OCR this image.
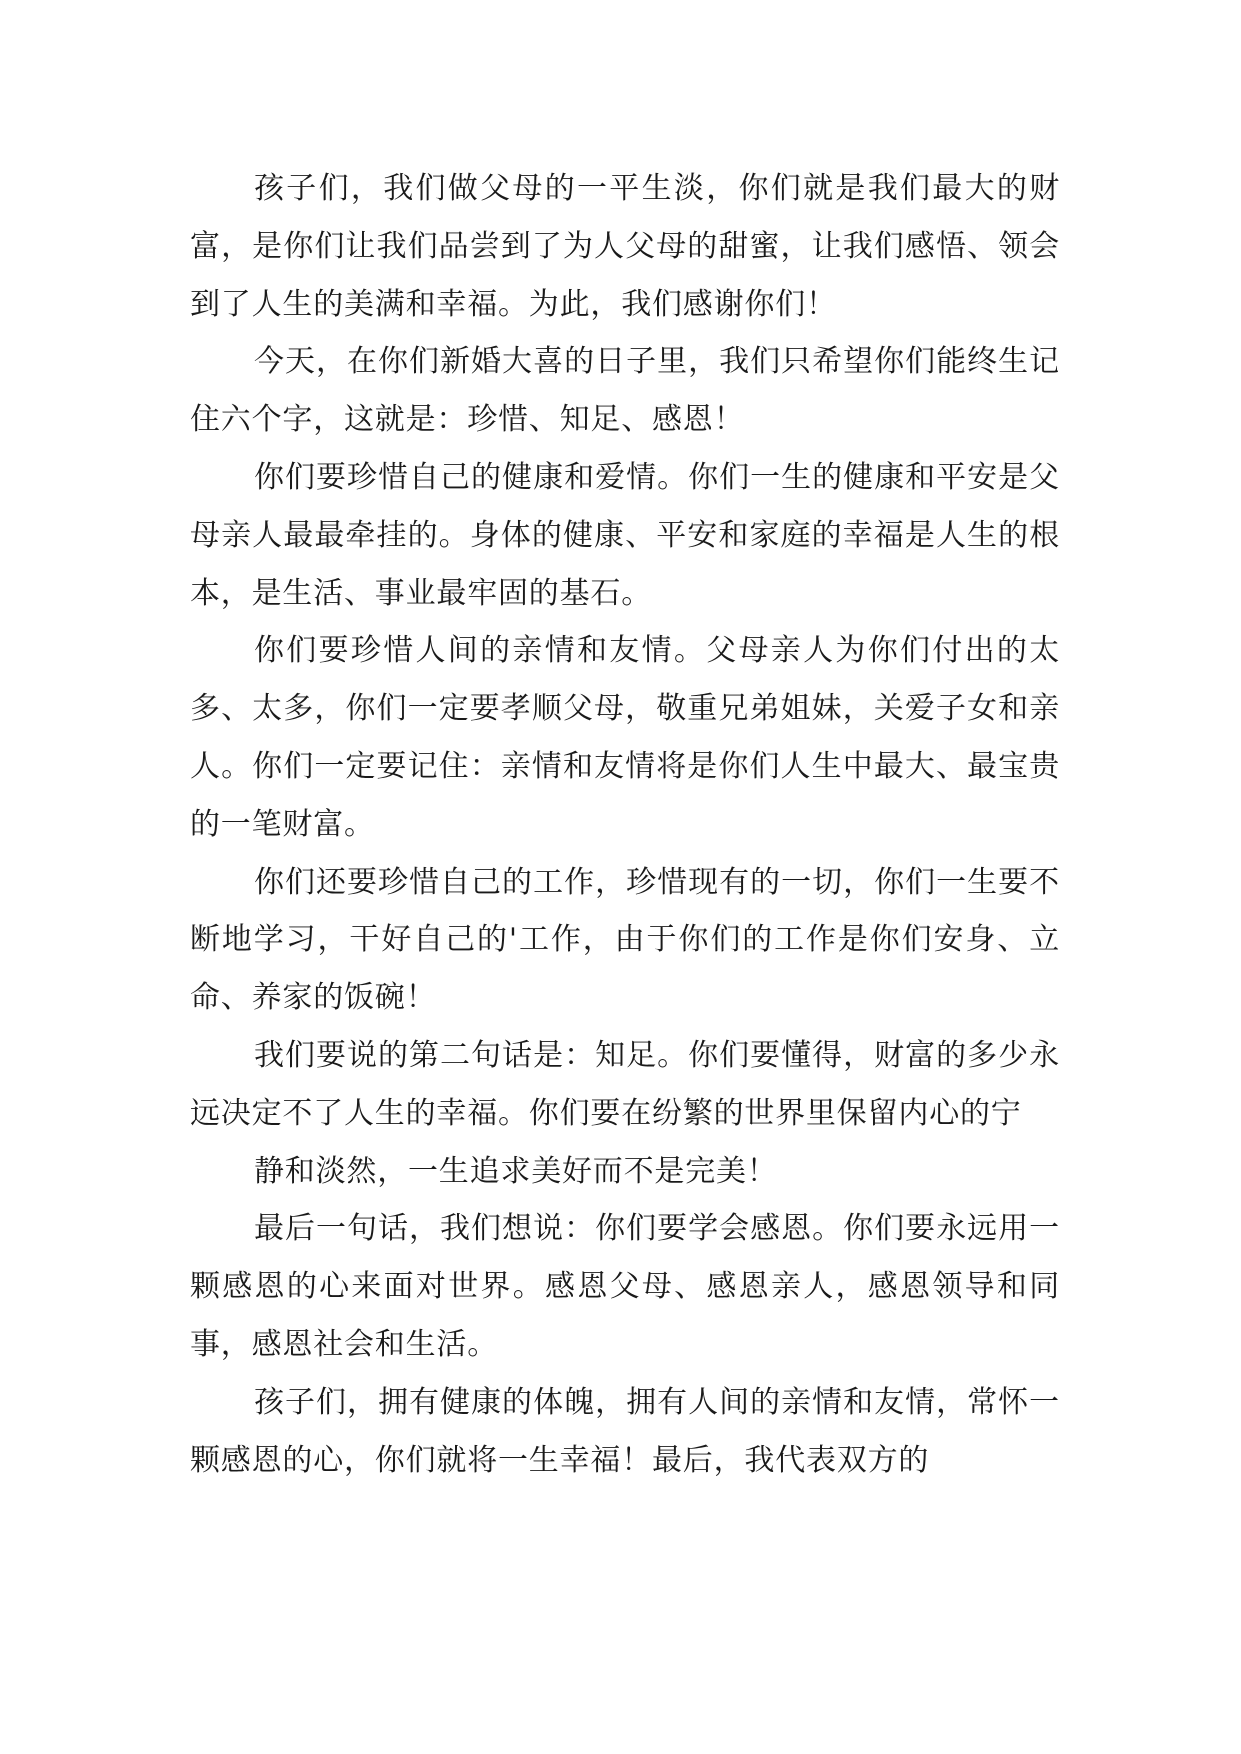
孩子们，我们做父母的一平生淡，你们就是我们最大的财富，是你们让我们品尝到了为人父母的甜蜜，让我们感悟、领会到了人生的美满和幸福。为此，我们感谢你们！

今天，在你们新婚大喜的日子里，我们只希望你们能终生记住六个字，这就是：珍惜、知足、感恩！

你们要珍惜自己的健康和爱情。你们一生的健康和平安是父母亲人最最牵挂的。身体的健康、平安和家庭的幸福是人生的根本，是生活、事业最牢固的基石。

你们要珍惜人间的亲情和友情。父母亲人为你们付出的太多、太多，你们一定要孝顺父母，敬重兄弟姐妹，关爱子女和亲人。你们一定要记住：亲情和友情将是你们人生中最大、最宝贵的一笔财富。

你们还要珍惜自己的工作，珍惜现有的一切，你们一生要不断地学习，干好自己的'工作，由于你们的工作是你们安身、立命、养家的饭碗！

我们要说的第二句话是：知足。你们要懂得，财富的多少永远决定不了人生的幸福。你们要在纷繁的世界里保留内心的宁

静和淡然，一生追求美好而不是完美！

最后一句话，我们想说：你们要学会感恩。你们要永远用一颗感恩的心来面对世界。感恩父母、感恩亲人，感恩领导和同事，感恩社会和生活。

孩子们，拥有健康的体魄，拥有人间的亲情和友情，常怀一颗感恩的心，你们就将一生幸福！最后，我代表双方的
